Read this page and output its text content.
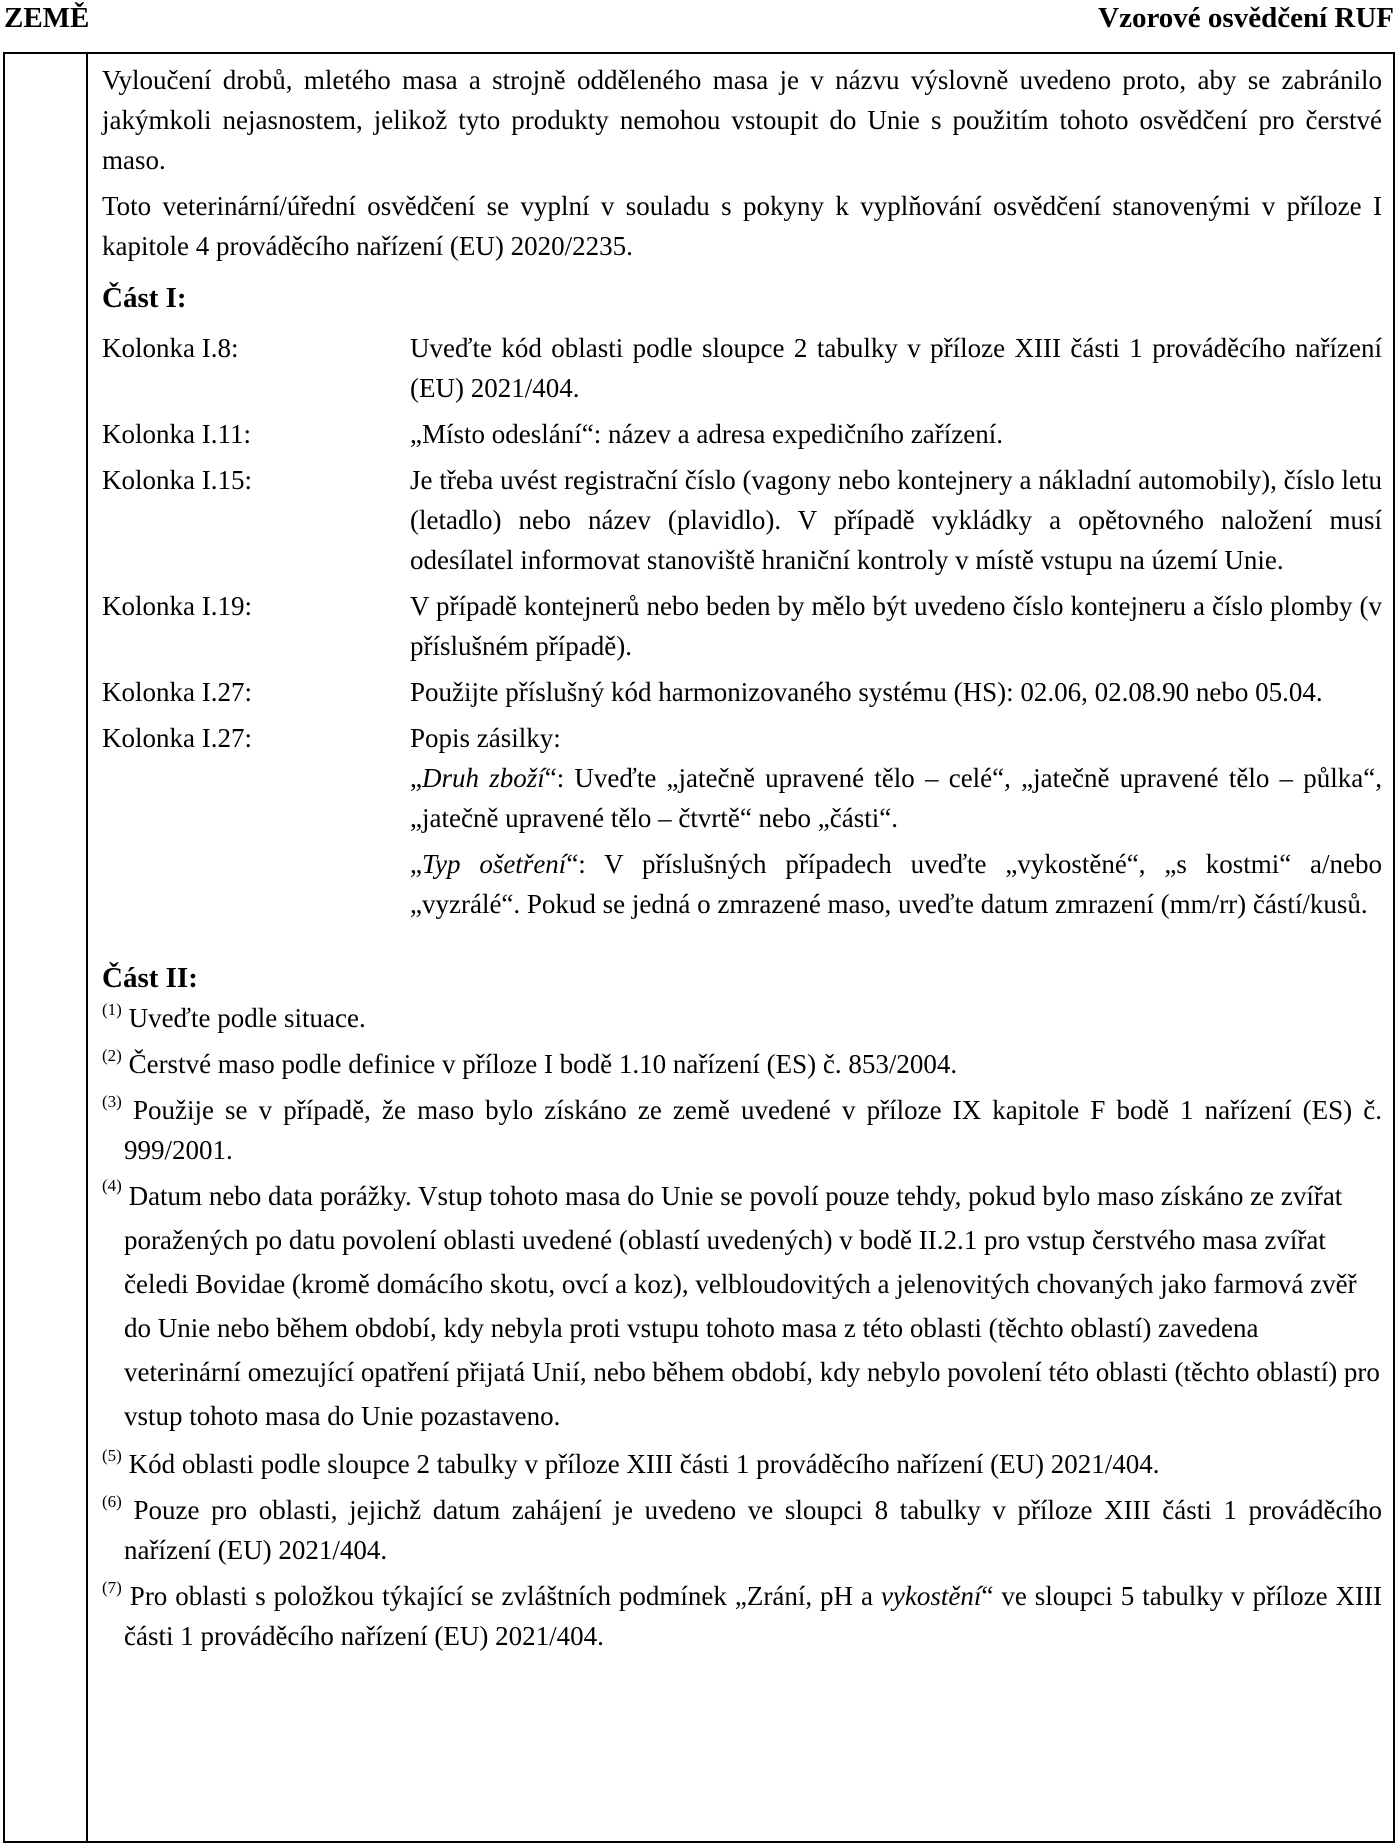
ZEMĚ	Vzorové osvědčení RUF

Vyloučení drobů, mletého masa a strojně odděleného masa je v názvu výslovně uvedeno proto, aby se zabránilo jakýmkoli nejasnostem, jelikož tyto produkty nemohou vstoupit do Unie s použitím tohoto osvědčení pro čerstvé maso.

Toto veterinární/úřední osvědčení se vyplní v souladu s pokyny k vyplňování osvědčení stanovenými v příloze I kapitole 4 prováděcího nařízení (EU) 2020/2235.

Část I:

Kolonka I.8:	Uveďte kód oblasti podle sloupce 2 tabulky v příloze XIII části 1 prováděcího nařízení (EU) 2021/404.
Kolonka I.11:	„Místo odeslání“: název a adresa expedičního zařízení.
Kolonka I.15:	Je třeba uvést registrační číslo (vagony nebo kontejnery a nákladní automobily), číslo letu (letadlo) nebo název (plavidlo). V případě vykládky a opětovného naložení musí odesílatel informovat stanoviště hraniční kontroly v místě vstupu na území Unie.
Kolonka I.19:	V případě kontejnerů nebo beden by mělo být uvedeno číslo kontejneru a číslo plomby (v příslušném případě).
Kolonka I.27:	Použijte příslušný kód harmonizovaného systému (HS): 02.06, 02.08.90 nebo 05.04.
Kolonka I.27:	Popis zásilky:
„Druh zboží“: Uveďte „jatečně upravené tělo – celé“, „jatečně upravené tělo – půlka“, „jatečně upravené tělo – čtvrtě“ nebo „části“.
„Typ ošetření“: V příslušných případech uveďte „vykostěné“, „s kostmi“ a/nebo „vyzrálé“. Pokud se jedná o zmrazené maso, uveďte datum zmrazení (mm/rr) částí/kusů.

Část II:

$^{(1)}$ Uveďte podle situace.

$^{(2)}$ Čerstvé maso podle definice v příloze I bodě 1.10 nařízení (ES) č. 853/2004.

$^{(3)}$ Použije se v případě, že maso bylo získáno ze země uvedené v příloze IX kapitole F bodě 1 nařízení (ES) č. 999/2001.

$^{(4)}$ Datum nebo data porážky. Vstup tohoto masa do Unie se povolí pouze tehdy, pokud bylo maso získáno ze zvířat poražených po datu povolení oblasti uvedené (oblastí uvedených) v bodě II.2.1 pro vstup čerstvého masa zvířat čeledi Bovidae (kromě domácího skotu, ovcí a koz), velbloudovitých a jelenovitých chovaných jako farmová zvěř do Unie nebo během období, kdy nebyla proti vstupu tohoto masa z této oblasti (těchto oblastí) zavedena veterinární omezující opatření přijatá Unií, nebo během období, kdy nebylo povolení této oblasti (těchto oblastí) pro vstup tohoto masa do Unie pozastaveno.

$^{(5)}$ Kód oblasti podle sloupce 2 tabulky v příloze XIII části 1 prováděcího nařízení (EU) 2021/404.

$^{(6)}$ Pouze pro oblasti, jejichž datum zahájení je uvedeno ve sloupci 8 tabulky v příloze XIII části 1 prováděcího nařízení (EU) 2021/404.

$^{(7)}$ Pro oblasti s položkou týkající se zvláštních podmínek „Zrání, pH a vykostění“ ve sloupci 5 tabulky v příloze XIII části 1 prováděcího nařízení (EU) 2021/404.
